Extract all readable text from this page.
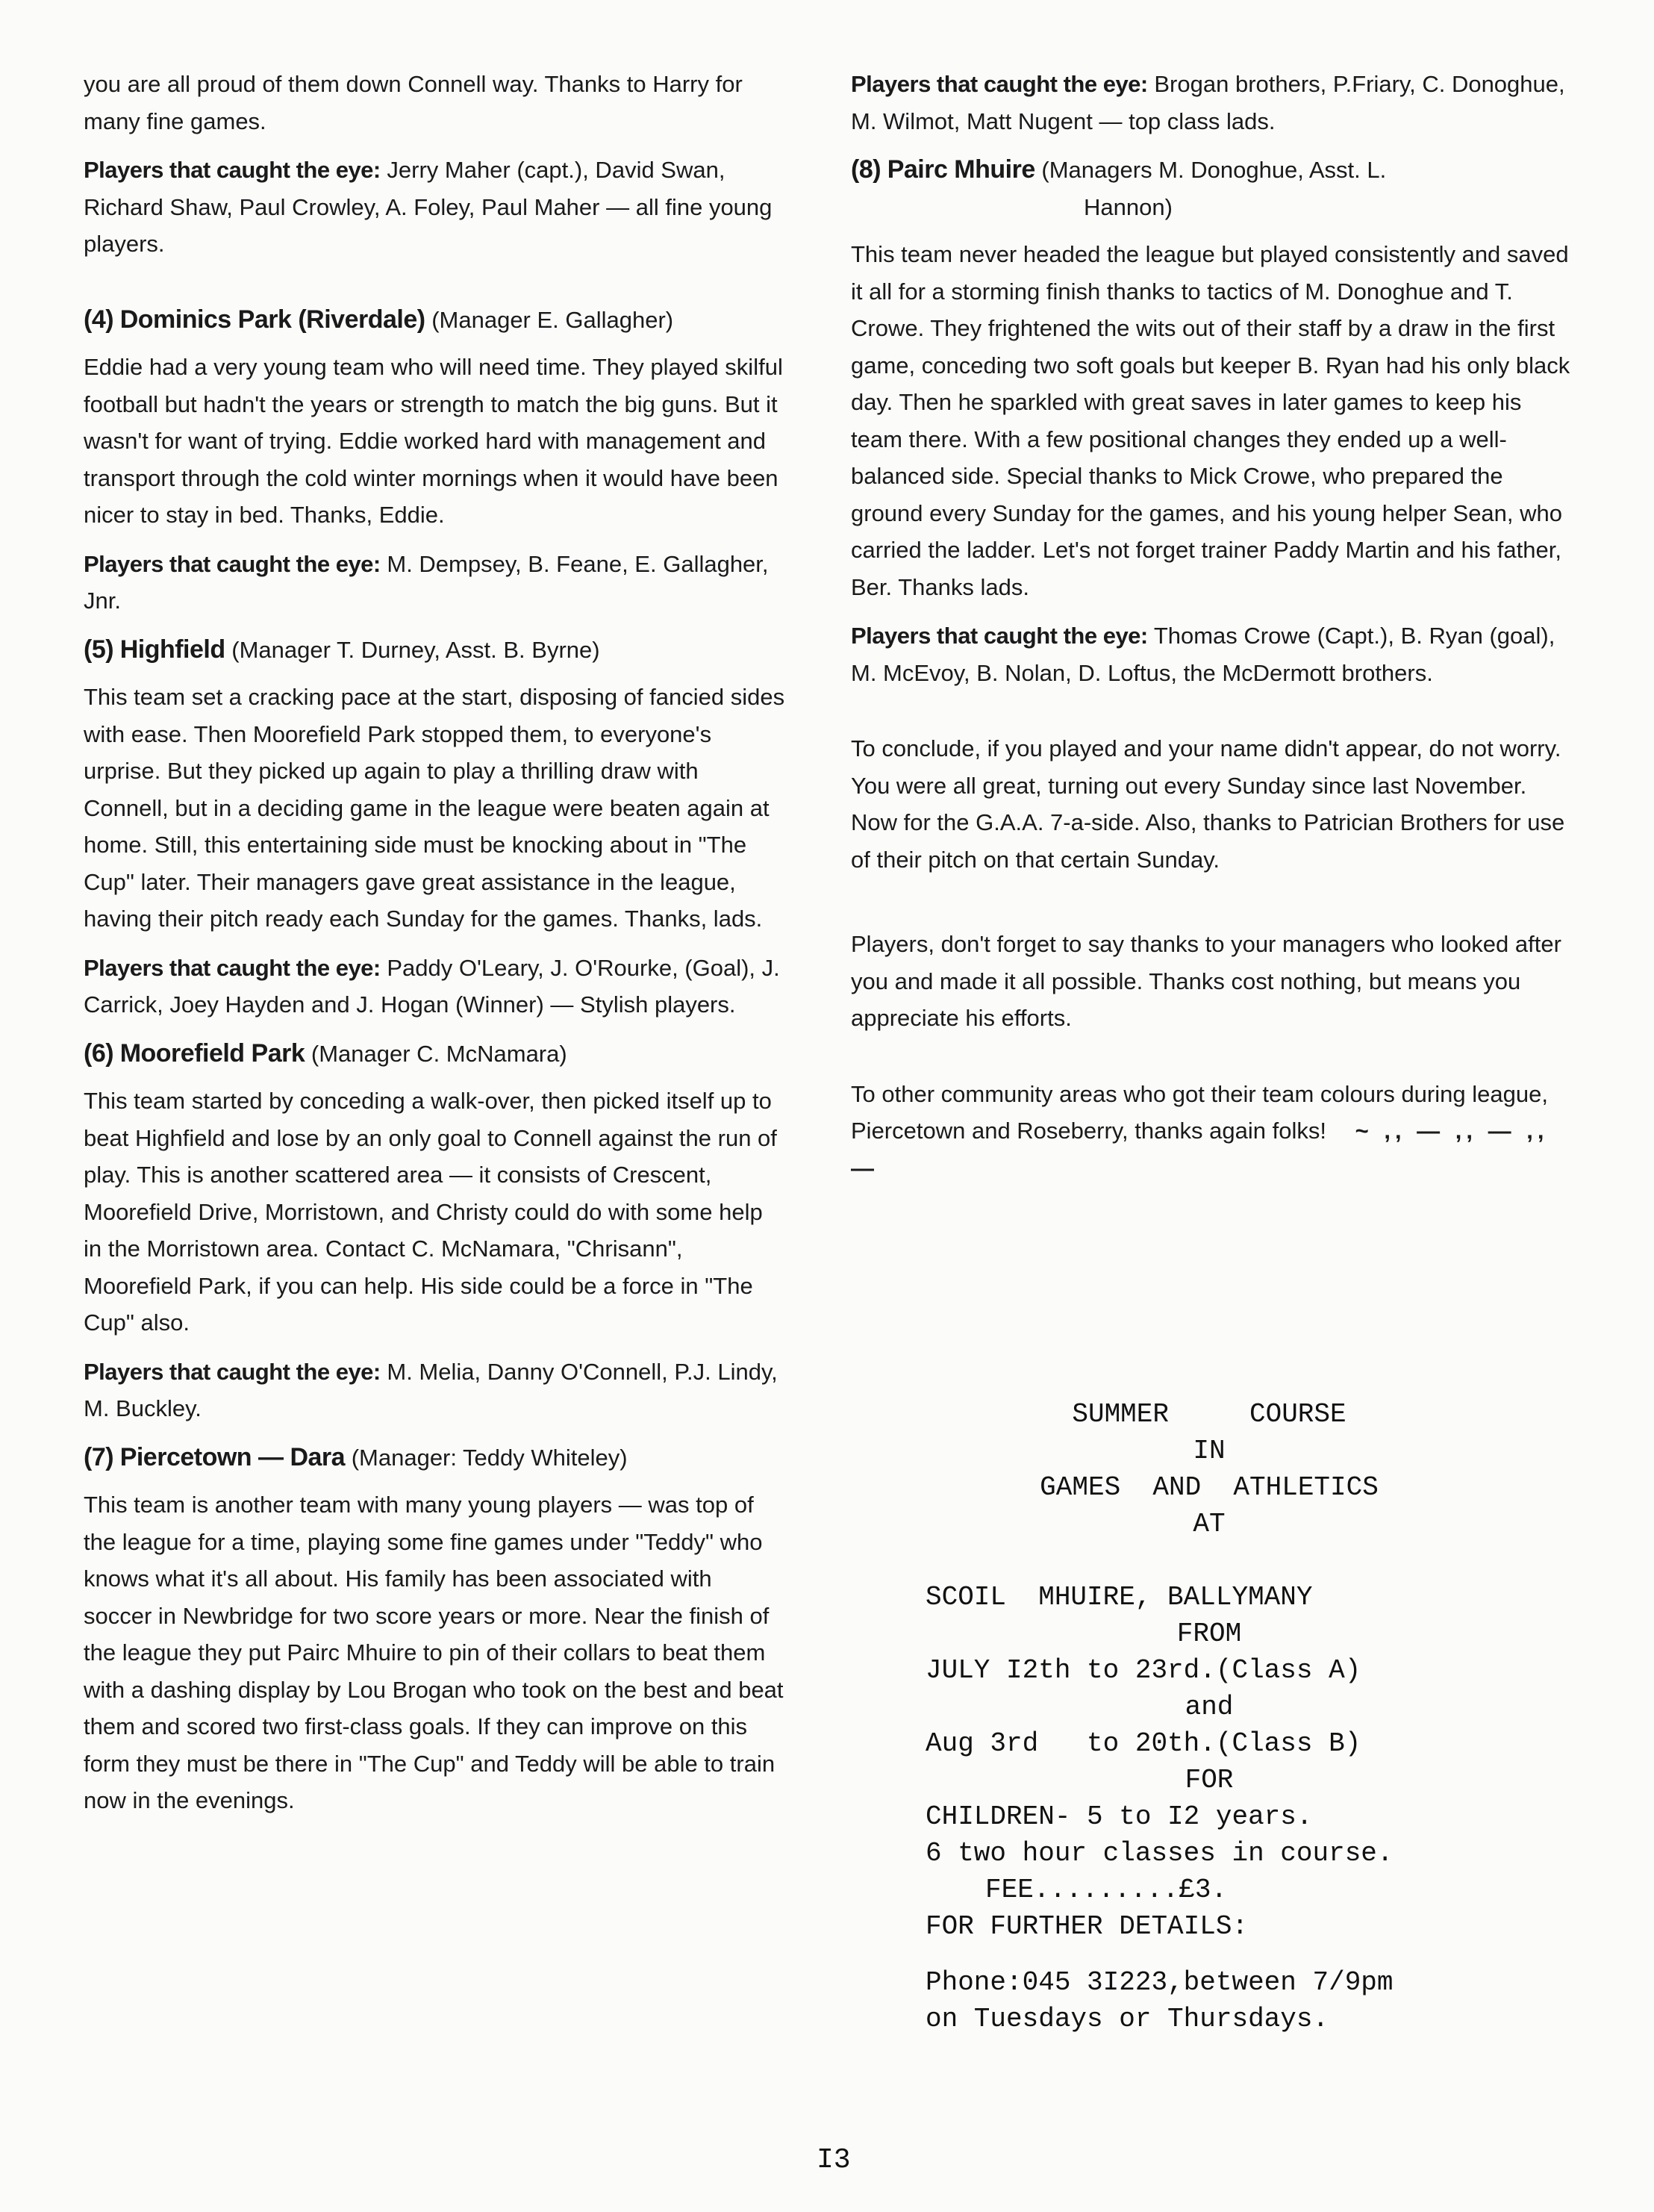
you are all proud of them down Connell way. Thanks to Harry for many fine games.

Players that caught the eye: Jerry Maher (capt.), David Swan, Richard Shaw, Paul Crowley, A. Foley, Paul Maher — all fine young players.

(4) Dominics Park (Riverdale) (Manager E. Gallagher)

Eddie had a very young team who will need time. They played skilful football but hadn't the years or strength to match the big guns. But it wasn't for want of trying. Eddie worked hard with management and transport through the cold winter mornings when it would have been nicer to stay in bed. Thanks, Eddie.

Players that caught the eye: M. Dempsey, B. Feane, E. Gallagher, Jnr.

(5) Highfield (Manager T. Durney, Asst. B. Byrne)

This team set a cracking pace at the start, disposing of fancied sides with ease. Then Moorefield Park stopped them, to everyone's urprise. But they picked up again to play a thrilling draw with Connell, but in a deciding game in the league were beaten again at home. Still, this entertaining side must be knocking about in "The Cup" later. Their managers gave great assistance in the league, having their pitch ready each Sunday for the games. Thanks, lads.

Players that caught the eye: Paddy O'Leary, J. O'Rourke, (Goal), J. Carrick, Joey Hayden and J. Hogan (Winner) — Stylish players.

(6) Moorefield Park (Manager C. McNamara)

This team started by conceding a walk-over, then picked itself up to beat Highfield and lose by an only goal to Connell against the run of play. This is another scattered area — it consists of Crescent, Moorefield Drive, Morristown, and Christy could do with some help in the Morristown area. Contact C. McNamara, "Chrisann", Moorefield Park, if you can help. His side could be a force in "The Cup" also.

Players that caught the eye: M. Melia, Danny O'Connell, P.J. Lindy, M. Buckley.

(7) Piercetown — Dara (Manager: Teddy Whiteley)

This team is another team with many young players — was top of the league for a time, playing some fine games under "Teddy" who knows what it's all about. His family has been associated with soccer in Newbridge for two score years or more. Near the finish of the league they put Pairc Mhuire to pin of their collars to beat them with a dashing display by Lou Brogan who took on the best and beat them and scored two first-class goals. If they can improve on this form they must be there in "The Cup" and Teddy will be able to train now in the evenings.

Players that caught the eye: Brogan brothers, P.Friary, C. Donoghue, M. Wilmot, Matt Nugent — top class lads.

(8) Pairc Mhuire (Managers M. Donoghue, Asst. L.
Hannon)

This team never headed the league but played consistently and saved it all for a storming finish thanks to tactics of M. Donoghue and T. Crowe. They frightened the wits out of their staff by a draw in the first game, conceding two soft goals but keeper B. Ryan had his only black day. Then he sparkled with great saves in later games to keep his team there. With a few positional changes they ended up a well-balanced side. Special thanks to Mick Crowe, who prepared the ground every Sunday for the games, and his young helper Sean, who carried the ladder. Let's not forget trainer Paddy Martin and his father, Ber. Thanks lads.

Players that caught the eye: Thomas Crowe (Capt.), B. Ryan (goal), M. McEvoy, B. Nolan, D. Loftus, the McDermott brothers.

To conclude, if you played and your name didn't appear, do not worry. You were all great, turning out every Sunday since last November. Now for the G.A.A. 7-a-side. Also, thanks to Patrician Brothers for use of their pitch on that certain Sunday.

Players, don't forget to say thanks to your managers who looked after you and made it all possible. Thanks cost nothing, but means you appreciate his efforts.

To other community areas who got their team colours during league, Piercetown and Roseberry, thanks again folks! ~ ,, — ,, — ,, —

SUMMER     COURSE
IN
GAMES  AND  ATHLETICS
AT
SCOIL  MHUIRE, BALLYMANY
FROM
JULY I2th to 23rd.(Class A)
and
Aug 3rd   to 20th.(Class B)
FOR
CHILDREN- 5 to I2 years.
6 two hour classes in course.
FEE.........£3.
FOR FURTHER DETAILS:
Phone:045 3I223,between 7/9pm
on Tuesdays or Thursdays.
I3
